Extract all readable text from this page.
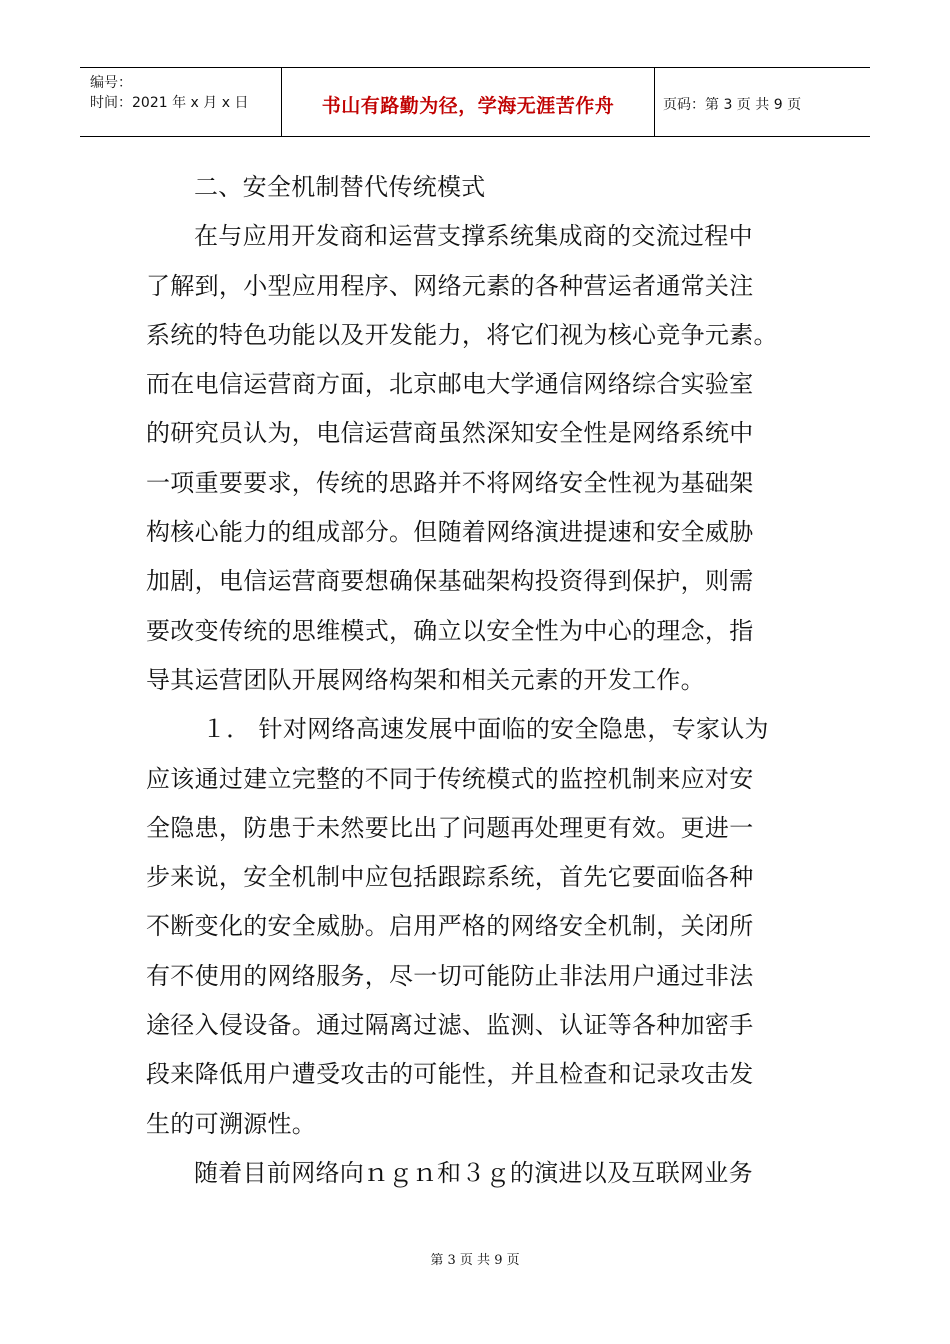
编号：
时间：2021 年 x 月 x 日	书山有路勤为径，学海无涯苦作舟	页码：第 3 页 共 9 页
二、安全机制替代传统模式
在与应用开发商和运营支撑系统集成商的交流过程中
了解到，小型应用程序、网络元素的各种营运者通常关注
系统的特色功能以及开发能力，将它们视为核心竞争元素。
而在电信运营商方面，北京邮电大学通信网络综合实验室
的研究员认为，电信运营商虽然深知安全性是网络系统中
一项重要要求，传统的思路并不将网络安全性视为基础架
构核心能力的组成部分。但随着网络演进提速和安全威胁
加剧，电信运营商要想确保基础架构投资得到保护，则需
要改变传统的思维模式，确立以安全性为中心的理念，指
导其运营团队开展网络构架和相关元素的开发工作。
１． 针对网络高速发展中面临的安全隐患，专家认为
应该通过建立完整的不同于传统模式的监控机制来应对安
全隐患，防患于未然要比出了问题再处理更有效。更进一
步来说，安全机制中应包括跟踪系统，首先它要面临各种
不断变化的安全威胁。启用严格的网络安全机制，关闭所
有不使用的网络服务，尽一切可能防止非法用户通过非法
途径入侵设备。通过隔离过滤、监测、认证等各种加密手
段来降低用户遭受攻击的可能性，并且检查和记录攻击发
生的可溯源性。
随着目前网络向ｎｇｎ和３ｇ的演进以及互联网业务
第 3 页 共 9 页
